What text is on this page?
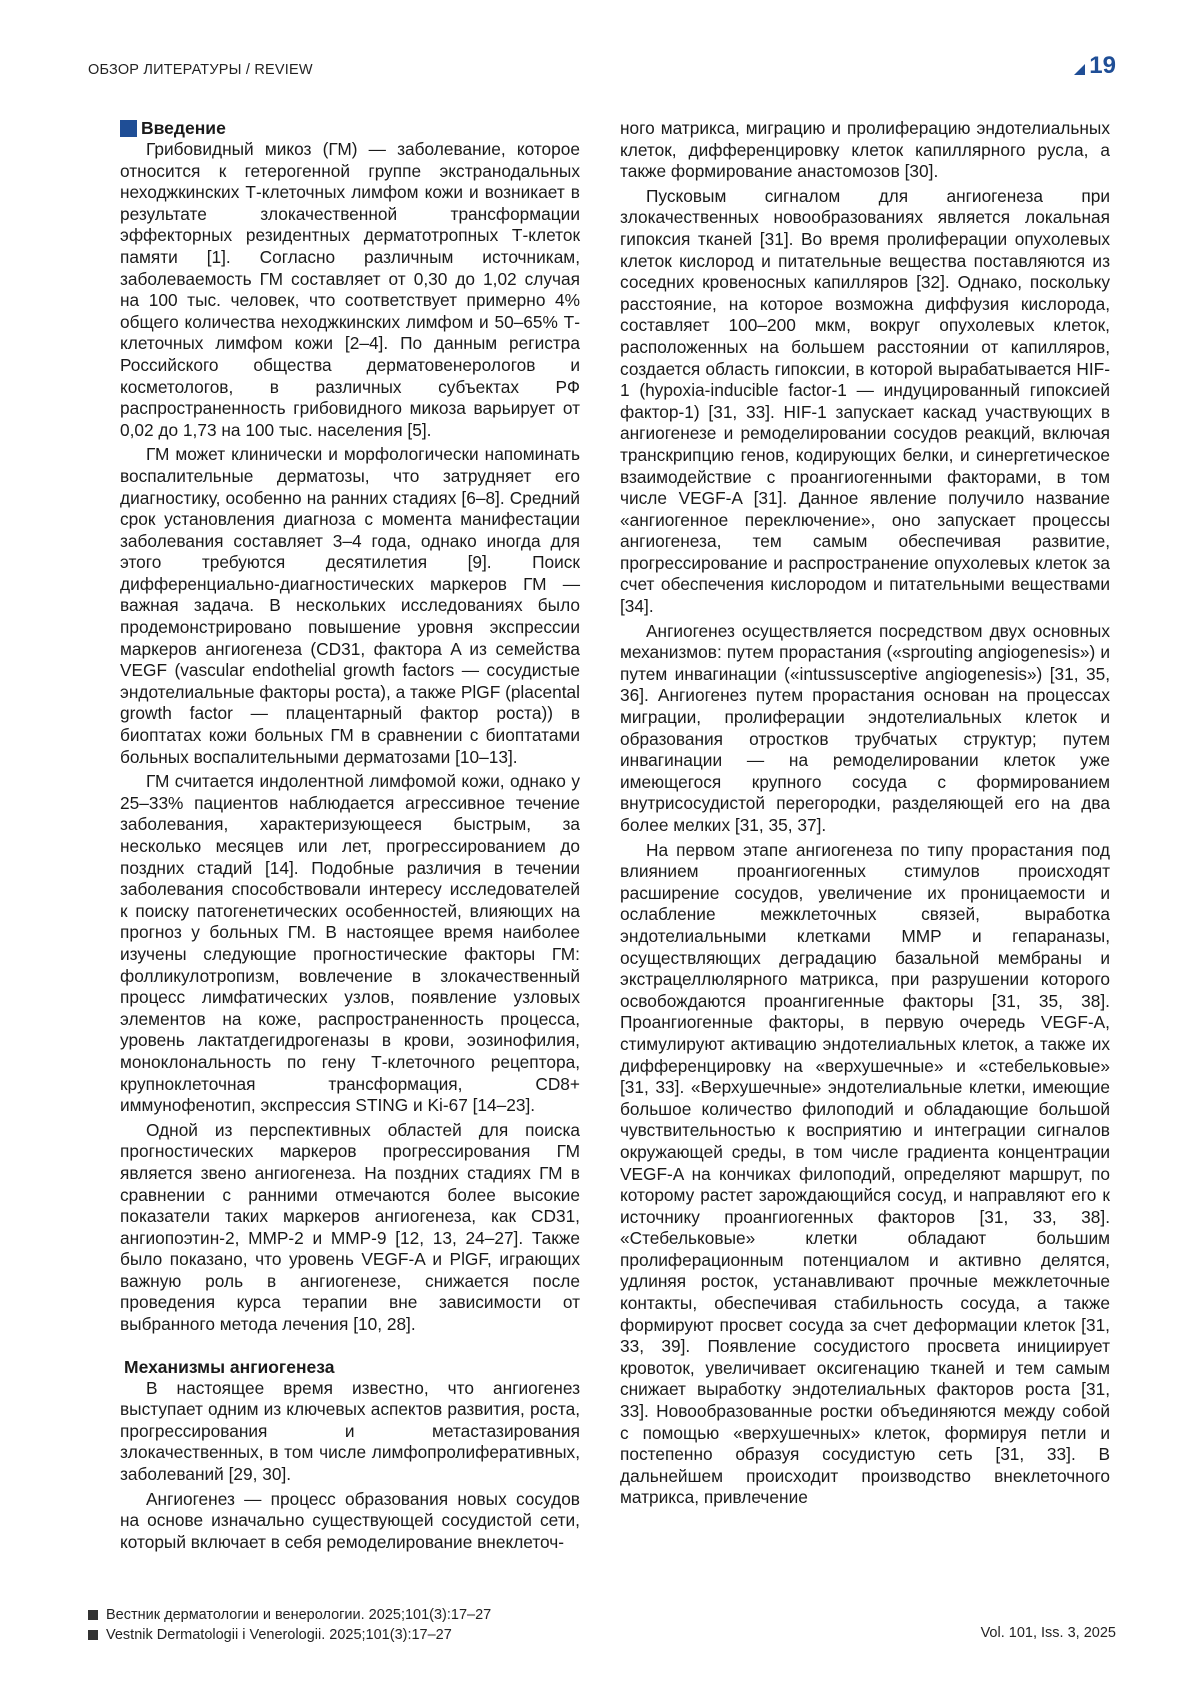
ОБЗОР ЛИТЕРАТУРЫ / REVIEW	19
Введение

Грибовидный микоз (ГМ) — заболевание, которое относится к гетерогенной группе экстранодальных неходжкинских Т-клеточных лимфом кожи и возникает в результате злокачественной трансформации эффекторных резидентных дерматотропных Т-клеток памяти [1]. Согласно различным источникам, заболеваемость ГМ составляет от 0,30 до 1,02 случая на 100 тыс. человек, что соответствует примерно 4% общего количества неходжкинских лимфом и 50–65% Т-клеточных лимфом кожи [2–4]. По данным регистра Российского общества дерматовенерологов и косметологов, в различных субъектах РФ распространенность грибовидного микоза варьирует от 0,02 до 1,73 на 100 тыс. населения [5].

ГМ может клинически и морфологически напоминать воспалительные дерматозы, что затрудняет его диагностику, особенно на ранних стадиях [6–8]. Средний срок установления диагноза с момента манифестации заболевания составляет 3–4 года, однако иногда для этого требуются десятилетия [9]. Поиск дифференциально-диагностических маркеров ГМ — важная задача. В нескольких исследованиях было продемонстрировано повышение уровня экспрессии маркеров ангиогенеза (CD31, фактора A из семейства VEGF (vascular endothelial growth factors — сосудистые эндотелиальные факторы роста), а также PlGF (placental growth factor — плацентарный фактор роста)) в биоптатах кожи больных ГМ в сравнении с биоптатами больных воспалительными дерматозами [10–13].

ГМ считается индолентной лимфомой кожи, однако у 25–33% пациентов наблюдается агрессивное течение заболевания, характеризующееся быстрым, за несколько месяцев или лет, прогрессированием до поздних стадий [14]. Подобные различия в течении заболевания способствовали интересу исследователей к поиску патогенетических особенностей, влияющих на прогноз у больных ГМ. В настоящее время наиболее изучены следующие прогностические факторы ГМ: фолликулотропизм, вовлечение в злокачественный процесс лимфатических узлов, появление узловых элементов на коже, распространенность процесса, уровень лактатдегидрогеназы в крови, эозинофилия, моноклональность по гену Т-клеточного рецептора, крупноклеточная трансформация, CD8+ иммунофенотип, экспрессия STING и Ki-67 [14–23].

Одной из перспективных областей для поиска прогностических маркеров прогрессирования ГМ является звено ангиогенеза. На поздних стадиях ГМ в сравнении с ранними отмечаются более высокие показатели таких маркеров ангиогенеза, как CD31, ангиопоэтин-2, MMP-2 и MMP-9 [12, 13, 24–27]. Также было показано, что уровень VEGF-A и PlGF, играющих важную роль в ангиогенезе, снижается после проведения курса терапии вне зависимости от выбранного метода лечения [10, 28].

Механизмы ангиогенеза

В настоящее время известно, что ангиогенез выступает одним из ключевых аспектов развития, роста, прогрессирования и метастазирования злокачественных, в том числе лимфопролиферативных, заболеваний [29, 30].

Ангиогенез — процесс образования новых сосудов на основе изначально существующей сосудистой сети, который включает в себя ремоделирование внеклеточ-

ного матрикса, миграцию и пролиферацию эндотелиальных клеток, дифференцировку клеток капиллярного русла, а также формирование анастомозов [30].

Пусковым сигналом для ангиогенеза при злокачественных новообразованиях является локальная гипоксия тканей [31]. Во время пролиферации опухолевых клеток кислород и питательные вещества поставляются из соседних кровеносных капилляров [32]. Однако, поскольку расстояние, на которое возможна диффузия кислорода, составляет 100–200 мкм, вокруг опухолевых клеток, расположенных на большем расстоянии от капилляров, создается область гипоксии, в которой вырабатывается HIF-1 (hypoxia-inducible factor-1 — индуцированный гипоксией фактор-1) [31, 33]. HIF-1 запускает каскад участвующих в ангиогенезе и ремоделировании сосудов реакций, включая транскрипцию генов, кодирующих белки, и синергетическое взаимодействие с проангиогенными факторами, в том числе VEGF-A [31]. Данное явление получило название «ангиогенное переключение», оно запускает процессы ангиогенеза, тем самым обеспечивая развитие, прогрессирование и распространение опухолевых клеток за счет обеспечения кислородом и питательными веществами [34].

Ангиогенез осуществляется посредством двух основных механизмов: путем прорастания («sprouting angiogenesis») и путем инвагинации («intussusceptive angiogenesis») [31, 35, 36]. Ангиогенез путем прорастания основан на процессах миграции, пролиферации эндотелиальных клеток и образования отростков трубчатых структур; путем инвагинации — на ремоделировании клеток уже имеющегося крупного сосуда с формированием внутрисосудистой перегородки, разделяющей его на два более мелких [31, 35, 37].

На первом этапе ангиогенеза по типу прорастания под влиянием проангиогенных стимулов происходят расширение сосудов, увеличение их проницаемости и ослабление межклеточных связей, выработка эндотелиальными клетками MMP и гепараназы, осуществляющих деградацию базальной мембраны и экстрацеллюлярного матрикса, при разрушении которого освобождаются проангигенные факторы [31, 35, 38]. Проангиогенные факторы, в первую очередь VEGF-A, стимулируют активацию эндотелиальных клеток, а также их дифференцировку на «верхушечные» и «стебельковые» [31, 33]. «Верхушечные» эндотелиальные клетки, имеющие большое количество филоподий и обладающие большой чувствительностью к восприятию и интеграции сигналов окружающей среды, в том числе градиента концентрации VEGF-A на кончиках филоподий, определяют маршрут, по которому растет зарождающийся сосуд, и направляют его к источнику проангиогенных факторов [31, 33, 38]. «Стебельковые» клетки обладают большим пролиферационным потенциалом и активно делятся, удлиняя росток, устанавливают прочные межклеточные контакты, обеспечивая стабильность сосуда, а также формируют просвет сосуда за счет деформации клеток [31, 33, 39]. Появление сосудистого просвета инициирует кровоток, увеличивает оксигенацию тканей и тем самым снижает выработку эндотелиальных факторов роста [31, 33]. Новообразованные ростки объединяются между собой с помощью «верхушечных» клеток, формируя петли и постепенно образуя сосудистую сеть [31, 33]. В дальнейшем происходит производство внеклеточного матрикса, привлечение

Вестник дерматологии и венерологии. 2025;101(3):17–27
Vestnik Dermatologii i Venerologii. 2025;101(3):17–27	Vol. 101, Iss. 3, 2025
